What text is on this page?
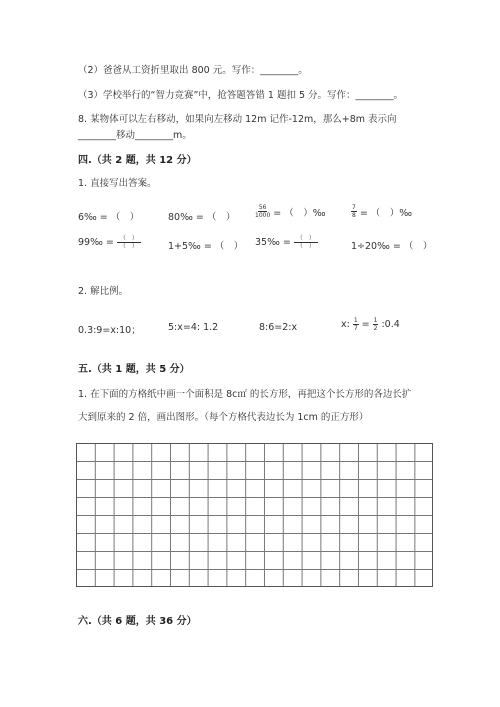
（2）爸爸从工资折里取出 800 元。写作：________。
（3）学校举行的“智力竞赛”中，抢答题答错 1 题扣 5 分。写作：________。
8. 某物体可以左右移动，如果向左移动 12m 记作-12m，那么+8m 表示向
________移动________m。
四.（共 2 题，共 12 分）
1. 直接写出答案。
6‰ = （　）	80‰ = （　）	$\frac{56}{1000}$ = （　）‰	$\frac{7}{8}$ = （　）‰
99‰ = $\frac{( )}{( )}$	1+5‰ = （　） 35‰ = $\frac{( )}{( )}$	1÷20‰ = （　）
2. 解比例。
0.3:9=x:10；	5:x=4: 1.2	8:6=2:x	x: $\frac{1}{7} = \frac{1}{2}$ :0.4
五.（共 1 题，共 5 分）
1. 在下面的方格纸中画一个面积是 8c㎡ 的长方形，再把这个长方形的各边长扩
大到原来的 2 倍，画出图形。（每个方格代表边长为 1cm 的正方形）
六.（共 6 题，共 36 分）
